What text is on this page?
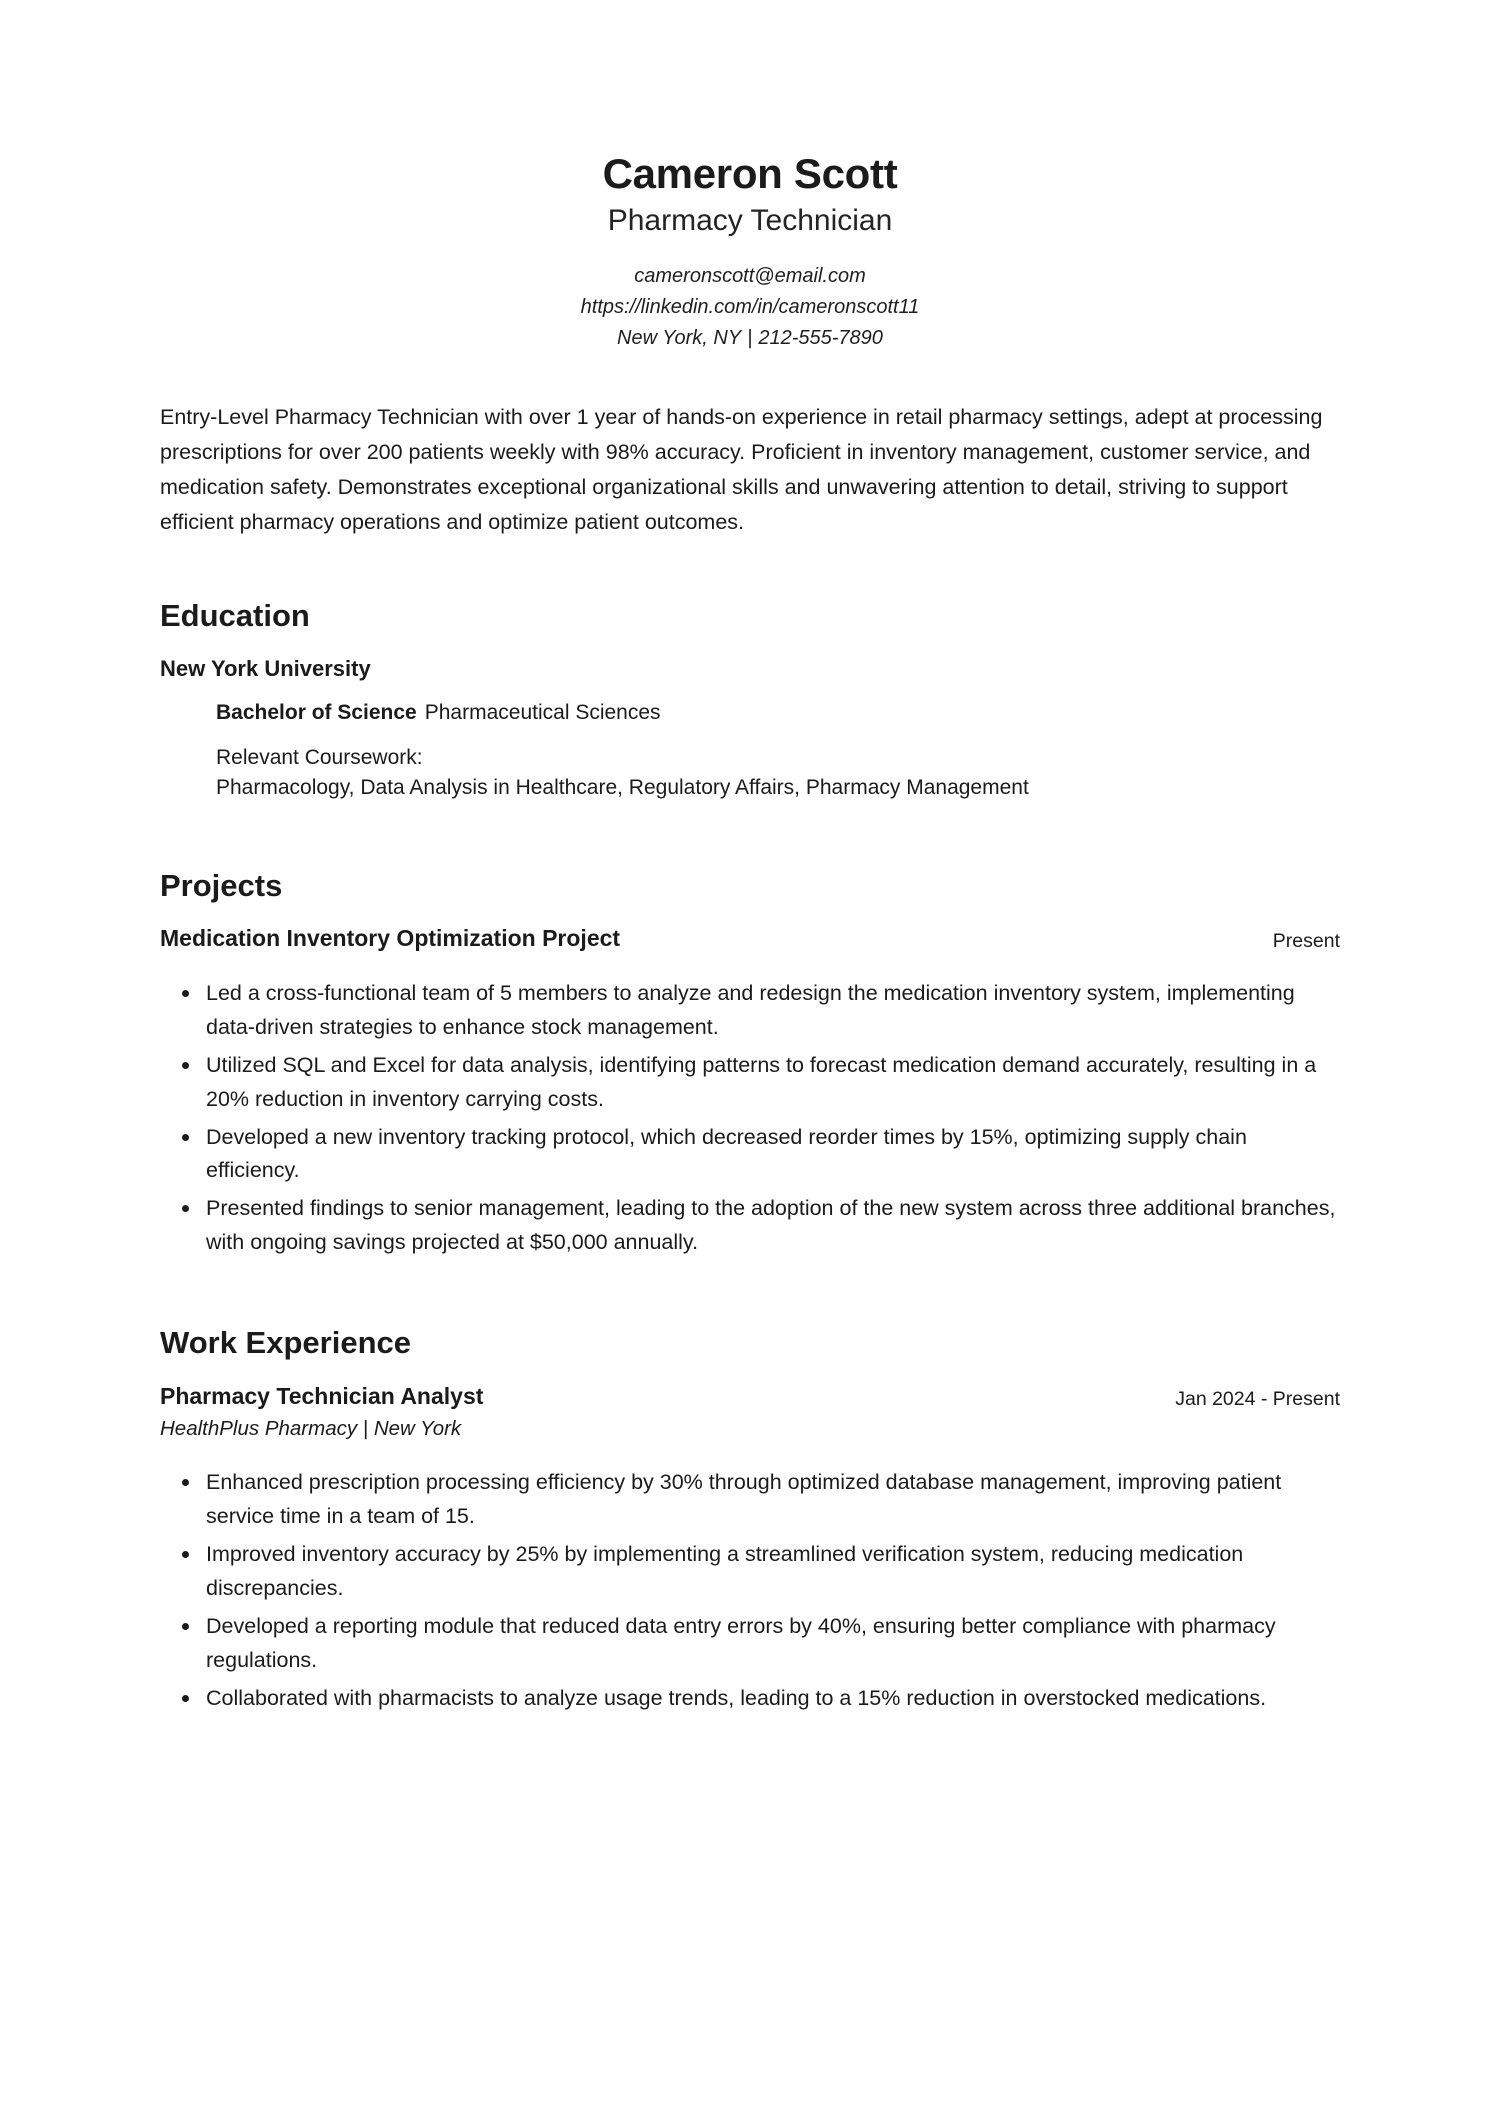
Cameron Scott
Pharmacy Technician
cameronscott@email.com
https://linkedin.com/in/cameronscott11
New York, NY | 212-555-7890

Entry-Level Pharmacy Technician with over 1 year of hands-on experience in retail pharmacy settings, adept at processing prescriptions for over 200 patients weekly with 98% accuracy. Proficient in inventory management, customer service, and medication safety. Demonstrates exceptional organizational skills and unwavering attention to detail, striving to support efficient pharmacy operations and optimize patient outcomes.

Education
New York University
Bachelor of Science Pharmaceutical Sciences
Relevant Coursework:
Pharmacology, Data Analysis in Healthcare, Regulatory Affairs, Pharmacy Management
Projects
Medication Inventory Optimization Project	Present
Led a cross-functional team of 5 members to analyze and redesign the medication inventory system, implementing data-driven strategies to enhance stock management.
Utilized SQL and Excel for data analysis, identifying patterns to forecast medication demand accurately, resulting in a 20% reduction in inventory carrying costs.
Developed a new inventory tracking protocol, which decreased reorder times by 15%, optimizing supply chain efficiency.
Presented findings to senior management, leading to the adoption of the new system across three additional branches, with ongoing savings projected at $50,000 annually.
Work Experience
Pharmacy Technician Analyst
HealthPlus Pharmacy | New York
Jan 2024 - Present
Enhanced prescription processing efficiency by 30% through optimized database management, improving patient service time in a team of 15.
Improved inventory accuracy by 25% by implementing a streamlined verification system, reducing medication discrepancies.
Developed a reporting module that reduced data entry errors by 40%, ensuring better compliance with pharmacy regulations.
Collaborated with pharmacists to analyze usage trends, leading to a 15% reduction in overstocked medications.
